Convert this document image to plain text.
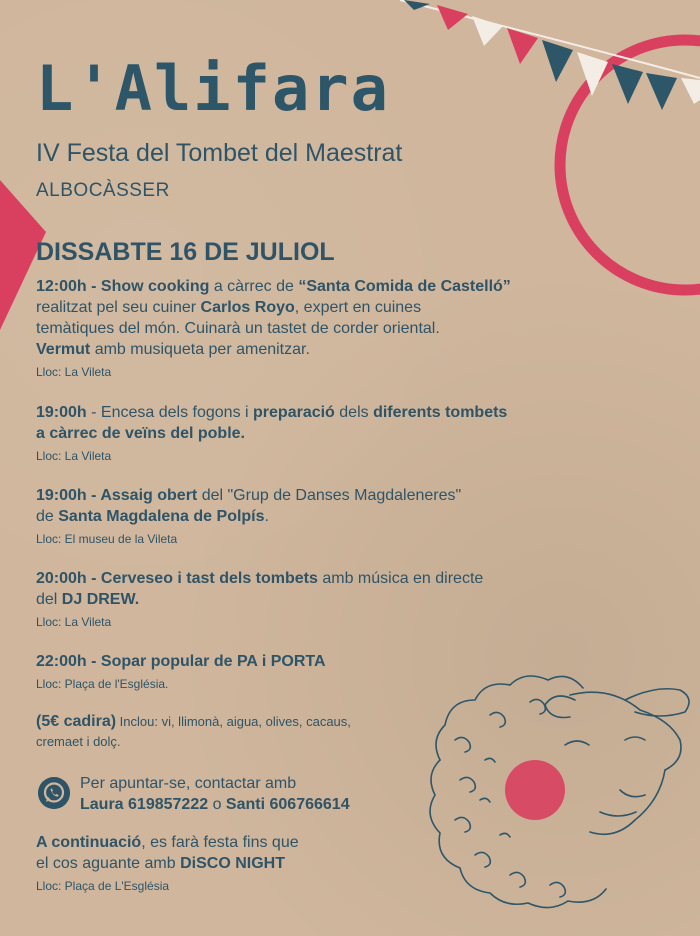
L'Alifara

IV Festa del Tombet del Maestrat

ALBOCÀSSER

DISSABTE 16 DE JULIOL

12:00h - Show cooking a càrrec de “Santa Comida de Castelló”
realitzat pel seu cuiner Carlos Royo, expert en cuines
temàtiques del món. Cuinarà un tastet de corder oriental.
Vermut amb musiqueta per amenitzar.

Lloc: La Vileta

19:00h - Encesa dels fogons i preparació dels diferents tombets
a càrrec de veïns del poble.

Lloc: La Vileta

19:00h - Assaig obert del "Grup de Danses Magdaleneres"
de Santa Magdalena de Polpís.

Lloc: El museu de la Vileta

20:00h - Cerveseo i tast dels tombets amb música en directe
del DJ DREW.

Lloc: La Vileta

22:00h - Sopar popular de PA i PORTA

Lloc: Plaça de l'Església.

(5€ cadira) Inclou: vi, llimonà, aigua, olives, cacaus,
cremaet i dolç.
Per apuntar-se, contactar amb
Laura 619857222 o Santi 606766614

A continuació, es farà festa fins que
el cos aguante amb DiSCO NIGHT

Lloc: Plaça de L'Església
